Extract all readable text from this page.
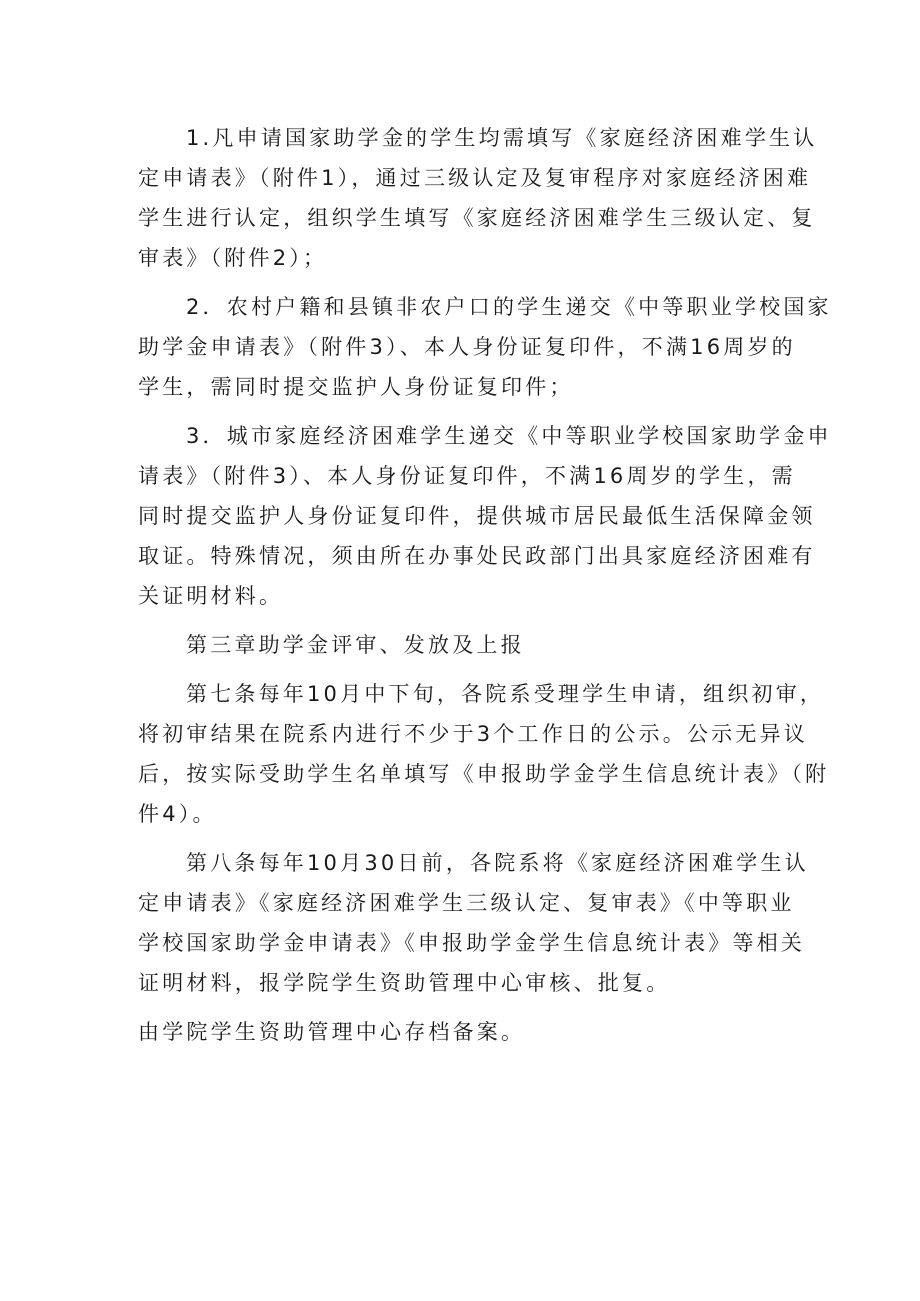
1.凡申请国家助学金的学生均需填写《家庭经济困难学生认
定申请表》（附件1），通过三级认定及复审程序对家庭经济困难
学生进行认定，组织学生填写《家庭经济困难学生三级认定、复
审表》（附件2）；
2．农村户籍和县镇非农户口的学生递交《中等职业学校国家
助学金申请表》（附件3）、本人身份证复印件，不满16周岁的
学生，需同时提交监护人身份证复印件；
3．城市家庭经济困难学生递交《中等职业学校国家助学金申
请表》（附件3）、本人身份证复印件，不满16周岁的学生，需
同时提交监护人身份证复印件，提供城市居民最低生活保障金领
取证。特殊情况，须由所在办事处民政部门出具家庭经济困难有
关证明材料。
第三章助学金评审、发放及上报
第七条每年10月中下旬，各院系受理学生申请，组织初审，
将初审结果在院系内进行不少于3个工作日的公示。公示无异议
后，按实际受助学生名单填写《申报助学金学生信息统计表》（附
件4）。
第八条每年10月30日前，各院系将《家庭经济困难学生认
定申请表》《家庭经济困难学生三级认定、复审表》《中等职业
学校国家助学金申请表》《申报助学金学生信息统计表》等相关
证明材料，报学院学生资助管理中心审核、批复。
由学院学生资助管理中心存档备案。
